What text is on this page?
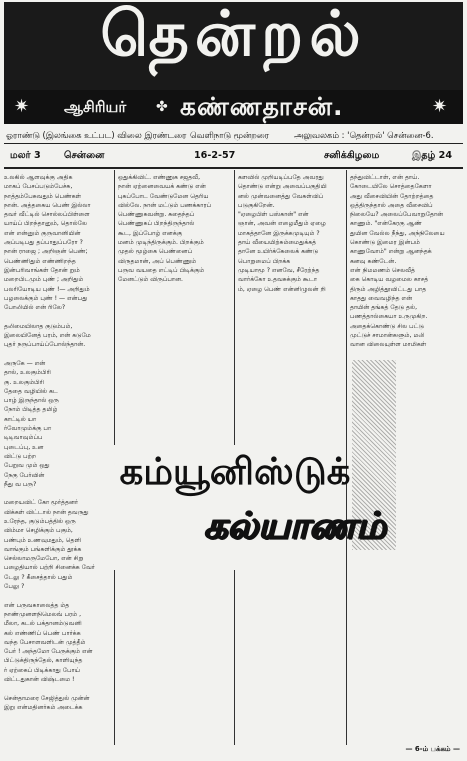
தென்றல்
✷ ஆசிரியர் ✤ கண்ணதாசன்.	✷
ஓராண்டு (இலங்கை உட்பட) விலை இரண்டரை வெளிநாடு மூன்றரை	அலுவலகம் : 'தென்றல்' சென்னை-6.
மலர் 3 சென்னை	16-2-57	சனிக்கிழமை	இதழ் 24
உலகில் ஆளவுக்கு அதிக
மாகப் பேசப்படும்பேச்சு,
நாத்தம்பேசுவதும் பெண்கள்
நான். அத்தகைய பெண் இல்லா
தவர் வீட்டில் சொல்லப்பிள்ளை
யாய்ப் பிறந்தானும், தொல்லே
என் என்னும் குருவானியின்
அப்படிபது தப்பாதுப்பரோ ?
நான் ராஜை ; அறிஞன் பெண்;
பெண்ணிதும் எண்ணிறந்த
இன்பரிவாங்கள் தோன் றும்
மறைபிடமும் புண் ; அறிதும்
பலரியோடிய புண் !— அறிதும்
பழலைக்கும் புண் ! — என்பது
போலியில் என் ரிலே?
தலிமையிலாத குடும்பம்,
இலையினேத் பரம், என் கடுமே
புதர் நருப்பாய்ப்போல்ந்தான்.
அருகே — என்
தால், உலகும்பிரி
கு. உலகும்பிரி
தேதை வழியில் கட
பாழ் இருந்தால் ஒரு
நோம் பிடித்த தமிழ்
காட்டில் யா
ர்வோமும்க்கு பா
டிடிவாவும்ப்ப
புடைப்பு, உன
விட்டு பற்ற
பேறுவ மும் ஒது
நேகு பேர்வின்
நீது வ பரு?
மறையவிட் கோ மூர்த்தனர்
விக்கள் விட்டால் நான் தவருது
உரேந்த, குடும்பத்தில் ஒரு
விம்மா செழிக்கும் பகும்,
பண்பும் உணவுமதும், தெளி
வாங்கும் பங்களிக்கும் தூக்க
செல்லாமருமேபோ, என் சிறு
பழைதியால் பற்றி சினைக்க வேர்
டேலு ? கீசைத்தால் பதும்
பேலு ?
என் பருவகாலைத்த ம்த
நாண்முனளநிமெலவ் பரம் ,
மீலா, கடல் பக்தானம்டுவனி
கல் எண்ணிப் பெண் பார்க்க
வந்த பேசாளவளிடன் முத்தீம்
பேர் ! அந்தமோ பேருக்கும் என்
பிட்டுக்திருந்தேல், காளியுந்த
ர் ஏற்கைப் பிடிக்காது போய்
விட்டதுகான் விஷ்டமை !
சென்தாமரை சேஜித்துல் முன்ன்
இறு என்மதினர்கம் அடைக்க
ஒதுக்கிவிட். எண்ணுக சஜதவீ,
நான் ஏற்னைவையக் கண்டு என்
புகப்போட வேண்டுமேன தெரிய
வில்லே. நான் மட்டும் பணக்காரப்
பெண்ணுகவன்று. சுதைந்தப்
பெண்ணுகப் பிறந்திருந்தால்
கூட, இப்போழ் எனக்கு
மனம் முடிந்திருக்கும். பிறக்கும்
முதல் மூழ்கை பெண்னைப்
விருதமான், அப் பெண்ணும்
பருவ வயதை எட்டிப் பிடிக்கும்
மேனட்டும் விருப்பான.
களவில் முறியடிப்பதே அவரது
தொண்டு என்று அவைப்பகுதியி
னல் முன்வனைத்து வேகள்விப்
படுகுகிறேன்.
"ஏழைபிள் பஸ்கான்" என்
ஞான், அவன் எழைமீதும் ஏழை
மாகத்தானே இருக்கமுடியும் ?
தாய் வீயையிற்சும்மைதுக்கத்
தானே உயிர்க்கேலைக் கண்டு
பொறுமைப் பிறக்க
முடியாமூ ? எனவே, சீரேற்ந்த
வார்க்கோ உதவசுக்கும் கூடா
ம், ஏழை பெண் என்னிழுலன் றி
தந்துவிட்டாள், என் தாய்.
கோடையிலே சொத்தைகேளா
அது வீசைவியின் தோற்றத்தை
ஒத்திருந்தால் அதை வீசைவிப்
நிலையே? அலைப்பேவாறுதோன்
காணும். "என்கேரகு ஆண்
துயின வேல்ல நீந்து, அந்நிலேயை
கொண்டு இமைர இன்பம்
காணுவோம்" என்று ஆனந்தக்
கனவு கண்டேன்.
என் நிமமணம் செலவீத்
கை கொடிய வழமைல காசத்
திரும் அழித்தூவிட்டது பாத
காதது வைவழிந்த என்
தாயின் தங்கத் தேடு தல்,
பணத்தால்கையா உருமுகிற.
அதைக்கொண்டு சில பட்டு
முட்டுச் சாமான்களும், மலி
வான விலையுள்ள மாமிகள்
கம்யூனிஸ்டுக்
கல்யாணம்
— 6-ம் பக்கம் —
